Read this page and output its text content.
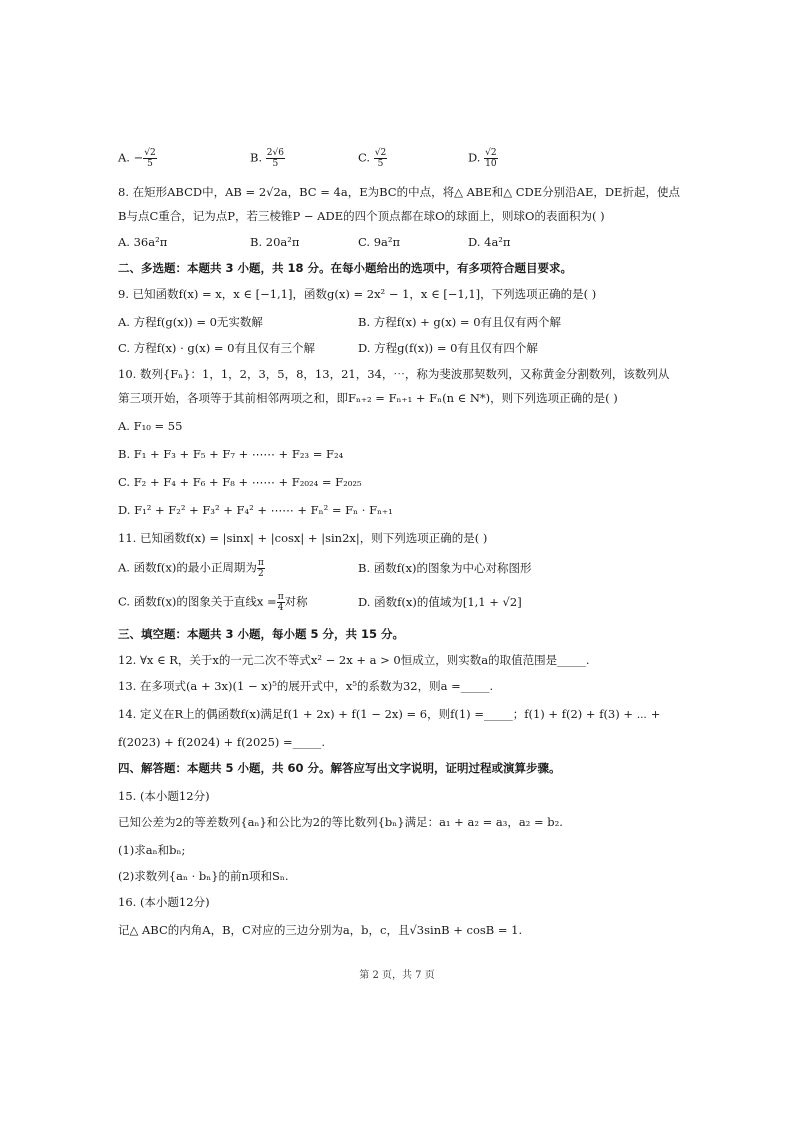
A. − $\frac{√2}{5}$	B. $\frac{2√6}{5}$	C. $\frac{√2}{5}$	D. $\frac{√2}{10}$
8. 在矩形ABCD中，AB = 2√2a，BC = 4a，E为BC的中点，将△ ABE和△ CDE分别沿AE，DE折起，使点
B与点C重合，记为点P，若三棱锥P − ADE的四个顶点都在球O的球面上，则球O的表面积为( )
A. 36a²π	B. 20a²π	C. 9a²π	D. 4a²π
二、多选题：本题共 3 小题，共 18 分。在每小题给出的选项中，有多项符合题目要求。
9. 已知函数f(x) = x，x ∈ [−1,1]，函数g(x) = 2x² − 1，x ∈ [−1,1]，下列选项正确的是( )
A. 方程f(g(x)) = 0无实数解	B. 方程f(x) + g(x) = 0有且仅有两个解
C. 方程f(x) · g(x) = 0有且仅有三个解	D. 方程g(f(x)) = 0有且仅有四个解
10. 数列{Fₙ}：1，1，2，3，5，8，13，21，34，⋯，称为斐波那契数列，又称黄金分割数列，该数列从
第三项开始，各项等于其前相邻两项之和，即Fₙ₊₂ = Fₙ₊₁ + Fₙ(n ∈ N*)，则下列选项正确的是( )
A. F₁₀ = 55
B. F₁ + F₃ + F₅ + F₇ + ⋯⋯ + F₂₃ = F₂₄
C. F₂ + F₄ + F₆ + F₈ + ⋯⋯ + F₂₀₂₄ = F₂₀₂₅
D. F₁² + F₂² + F₃² + F₄² + ⋯⋯ + Fₙ² = Fₙ · Fₙ₊₁
11. 已知函数f(x) = |sinx| + |cosx| + |sin2x|，则下列选项正确的是( )
A. 函数f(x)的最小正周期为 $\frac{\pi}{2}$	B. 函数f(x)的图象为中心对称图形
C. 函数f(x)的图象关于直线$x = \frac{\pi}{4}$ 对称	D. 函数f(x)的值域为[1,1 + √2]
三、填空题：本题共 3 小题，每小题 5 分，共 15 分。
12. ∀x ∈ R，关于x的一元二次不等式x² − 2x + a > 0恒成立，则实数a的取值范围是_____.
13. 在多项式(a + 3x)(1 − x)⁵的展开式中，x⁵的系数为32，则a =_____.
14. 定义在R上的偶函数f(x)满足f(1 + 2x) + f(1 − 2x) = 6，则f(1) =_____；f(1) + f(2) + f(3) + ⋯ +
f(2023) + f(2024) + f(2025) =_____.
四、解答题：本题共 5 小题，共 60 分。解答应写出文字说明，证明过程或演算步骤。
15. (本小题12分)
已知公差为2的等差数列{aₙ}和公比为2的等比数列{bₙ}满足：a₁ + a₂ = a₃，a₂ = b₂.
(1)求aₙ和bₙ;
(2)求数列{aₙ · bₙ}的前n项和Sₙ.
16. (本小题12分)
记△ ABC的内角A，B，C对应的三边分别为a，b，c，且√3sinB + cosB = 1.
第 2 页，共 7 页
